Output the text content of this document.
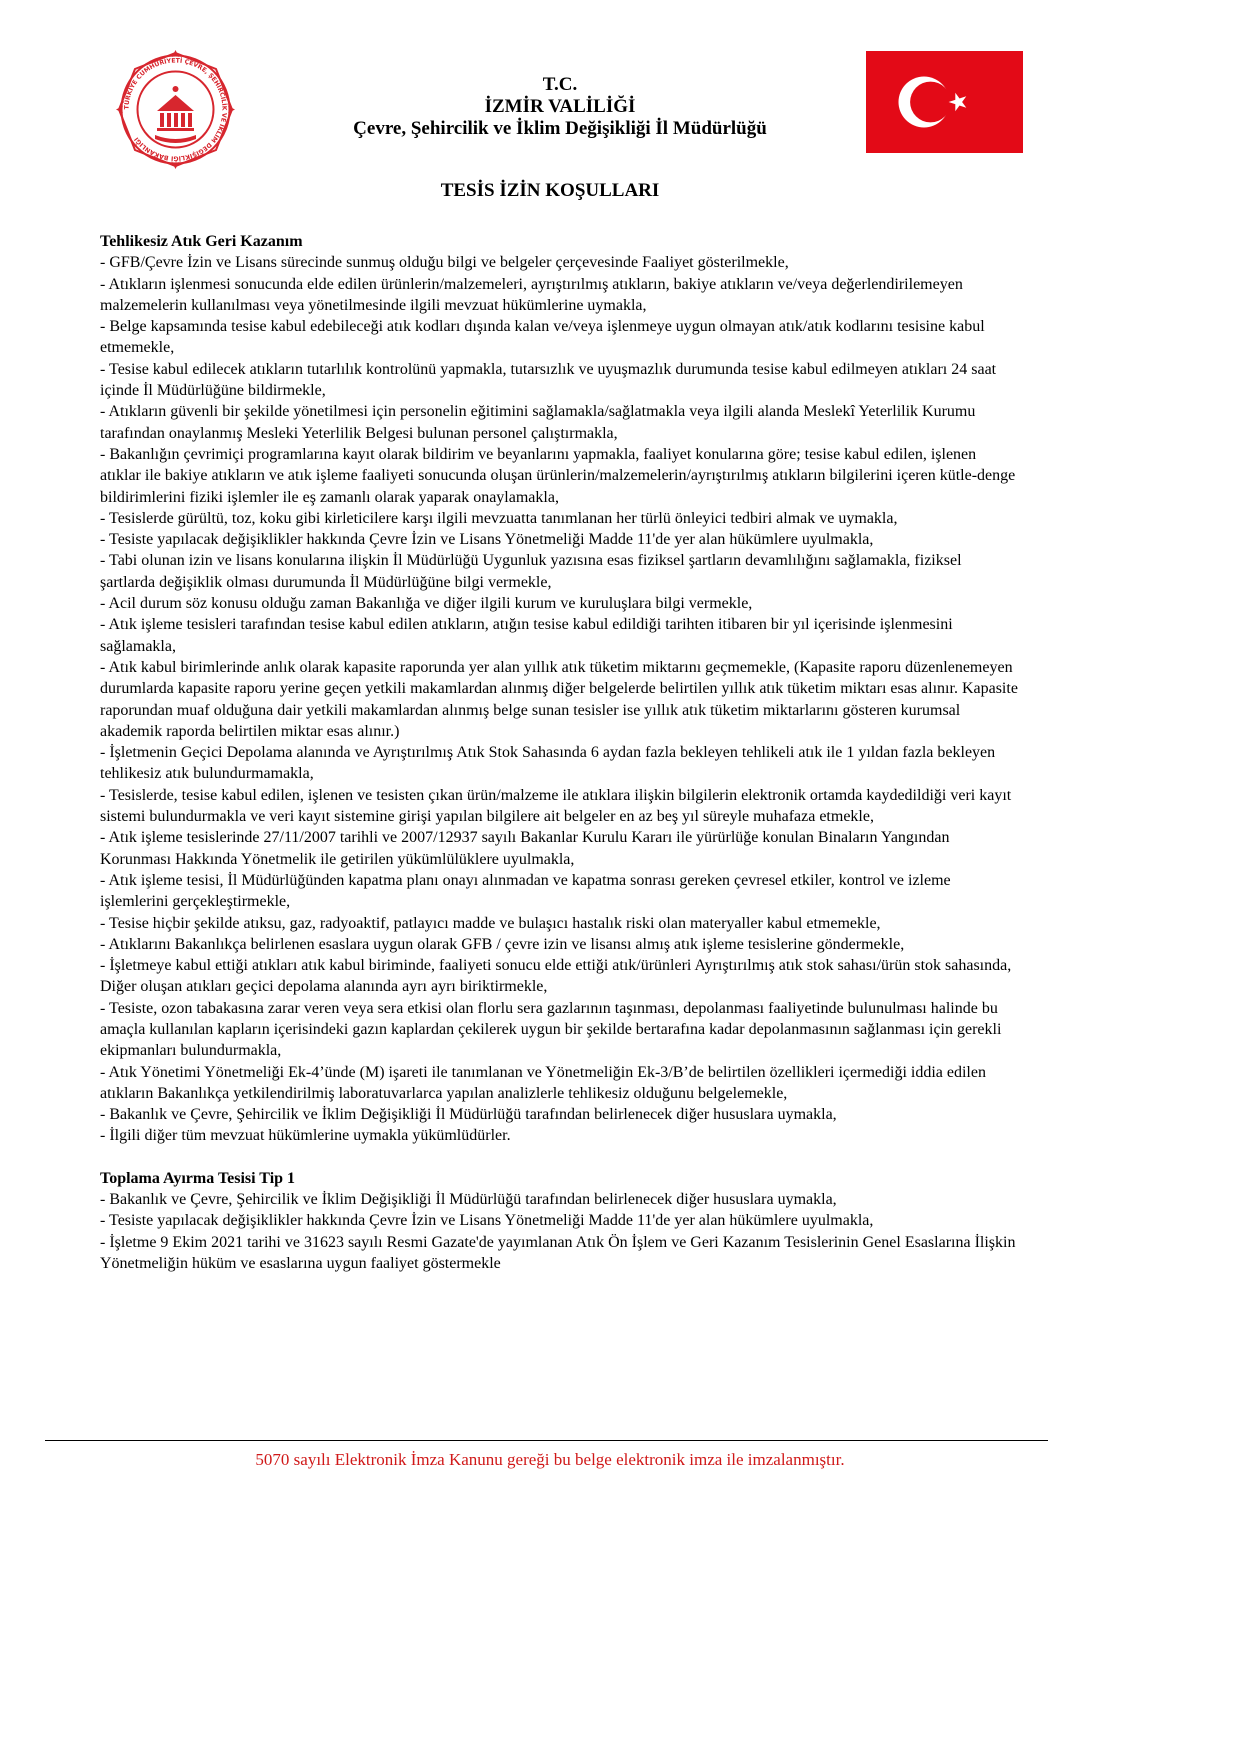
TÜRKİYE CUMHURİYETİ ÇEVRE, ŞEHİRCİLİK VE İKLİM DEĞİŞİKLİĞİ BAKANLIĞI
T.C.
İZMİR VALİLİĞİ
Çevre, Şehircilik ve İklim Değişikliği İl Müdürlüğü
TESİS İZİN KOŞULLARI

Tehlikesiz Atık Geri Kazanım

- GFB/Çevre İzin ve Lisans sürecinde sunmuş olduğu bilgi ve belgeler çerçevesinde Faaliyet gösterilmekle,

- Atıkların işlenmesi sonucunda elde edilen ürünlerin/malzemeleri, ayrıştırılmış atıkların, bakiye atıkların ve/veya değerlendirilemeyen malzemelerin kullanılması veya yönetilmesinde ilgili mevzuat hükümlerine uymakla,

- Belge kapsamında tesise kabul edebileceği atık kodları dışında kalan ve/veya işlenmeye uygun olmayan atık/atık kodlarını tesisine kabul etmemekle,

- Tesise kabul edilecek atıkların tutarlılık kontrolünü yapmakla, tutarsızlık ve uyuşmazlık durumunda tesise kabul edilmeyen atıkları 24 saat içinde İl Müdürlüğüne bildirmekle,

- Atıkların güvenli bir şekilde yönetilmesi için personelin eğitimini sağlamakla/sağlatmakla veya ilgili alanda Meslekî Yeterlilik Kurumu tarafından onaylanmış Mesleki Yeterlilik Belgesi bulunan personel çalıştırmakla,

- Bakanlığın çevrimiçi programlarına kayıt olarak bildirim ve beyanlarını yapmakla, faaliyet konularına göre; tesise kabul edilen, işlenen atıklar ile bakiye atıkların ve atık işleme faaliyeti sonucunda oluşan ürünlerin/malzemelerin/ayrıştırılmış atıkların bilgilerini içeren kütle-denge bildirimlerini fiziki işlemler ile eş zamanlı olarak yaparak onaylamakla,

- Tesislerde gürültü, toz, koku gibi kirleticilere karşı ilgili mevzuatta tanımlanan her türlü önleyici tedbiri almak ve uymakla,

- Tesiste yapılacak değişiklikler hakkında Çevre İzin ve Lisans Yönetmeliği Madde 11'de yer alan hükümlere uyulmakla,

- Tabi olunan izin ve lisans konularına ilişkin İl Müdürlüğü Uygunluk yazısına esas fiziksel şartların devamlılığını sağlamakla, fiziksel şartlarda değişiklik olması durumunda İl Müdürlüğüne bilgi vermekle,

- Acil durum söz konusu olduğu zaman Bakanlığa ve diğer ilgili kurum ve kuruluşlara bilgi vermekle,

- Atık işleme tesisleri tarafından tesise kabul edilen atıkların, atığın tesise kabul edildiği tarihten itibaren bir yıl içerisinde işlenmesini sağlamakla,

- Atık kabul birimlerinde anlık olarak kapasite raporunda yer alan yıllık atık tüketim miktarını geçmemekle, (Kapasite raporu düzenlenemeyen durumlarda kapasite raporu yerine geçen yetkili makamlardan alınmış diğer belgelerde belirtilen yıllık atık tüketim miktarı esas alınır. Kapasite raporundan muaf olduğuna dair yetkili makamlardan alınmış belge sunan tesisler ise yıllık atık tüketim miktarlarını gösteren kurumsal akademik raporda belirtilen miktar esas alınır.)

- İşletmenin Geçici Depolama alanında ve Ayrıştırılmış Atık Stok Sahasında 6 aydan fazla bekleyen tehlikeli atık ile 1 yıldan fazla bekleyen tehlikesiz atık bulundurmamakla,

- Tesislerde, tesise kabul edilen, işlenen ve tesisten çıkan ürün/malzeme ile atıklara ilişkin bilgilerin elektronik ortamda kaydedildiği veri kayıt sistemi bulundurmakla ve veri kayıt sistemine girişi yapılan bilgilere ait belgeler en az beş yıl süreyle muhafaza etmekle,

- Atık işleme tesislerinde 27/11/2007 tarihli ve 2007/12937 sayılı Bakanlar Kurulu Kararı ile yürürlüğe konulan Binaların Yangından Korunması Hakkında Yönetmelik ile getirilen yükümlülüklere uyulmakla,

- Atık işleme tesisi, İl Müdürlüğünden kapatma planı onayı alınmadan ve kapatma sonrası gereken çevresel etkiler, kontrol ve izleme işlemlerini gerçekleştirmekle,

- Tesise hiçbir şekilde atıksu, gaz, radyoaktif, patlayıcı madde ve bulaşıcı hastalık riski olan materyaller kabul etmemekle,

- Atıklarını Bakanlıkça belirlenen esaslara uygun olarak GFB / çevre izin ve lisansı almış atık işleme tesislerine göndermekle,

- İşletmeye kabul ettiği atıkları atık kabul biriminde, faaliyeti sonucu elde ettiği atık/ürünleri Ayrıştırılmış atık stok sahası/ürün stok sahasında, Diğer oluşan atıkları geçici depolama alanında ayrı ayrı biriktirmekle,

- Tesiste, ozon tabakasına zarar veren veya sera etkisi olan florlu sera gazlarının taşınması, depolanması faaliyetinde bulunulması halinde bu amaçla kullanılan kapların içerisindeki gazın kaplardan çekilerek uygun bir şekilde bertarafına kadar depolanmasının sağlanması için gerekli ekipmanları bulundurmakla,

- Atık Yönetimi Yönetmeliği Ek-4’ünde (M) işareti ile tanımlanan ve Yönetmeliğin Ek-3/B’de belirtilen özellikleri içermediği iddia edilen atıkların Bakanlıkça yetkilendirilmiş laboratuvarlarca yapılan analizlerle tehlikesiz olduğunu belgelemekle,

- Bakanlık ve Çevre, Şehircilik ve İklim Değişikliği İl Müdürlüğü tarafından belirlenecek diğer hususlara uymakla,

- İlgili diğer tüm mevzuat hükümlerine uymakla yükümlüdürler.

Toplama Ayırma Tesisi Tip 1

- Bakanlık ve Çevre, Şehircilik ve İklim Değişikliği İl Müdürlüğü tarafından belirlenecek diğer hususlara uymakla,

- Tesiste yapılacak değişiklikler hakkında Çevre İzin ve Lisans Yönetmeliği Madde 11'de yer alan hükümlere uyulmakla,

- İşletme 9 Ekim 2021 tarihi ve 31623 sayılı Resmi Gazate'de yayımlanan Atık Ön İşlem ve Geri Kazanım Tesislerinin Genel Esaslarına İlişkin Yönetmeliğin hüküm ve esaslarına uygun faaliyet göstermekle

5070 sayılı Elektronik İmza Kanunu gereği bu belge elektronik imza ile imzalanmıştır.
